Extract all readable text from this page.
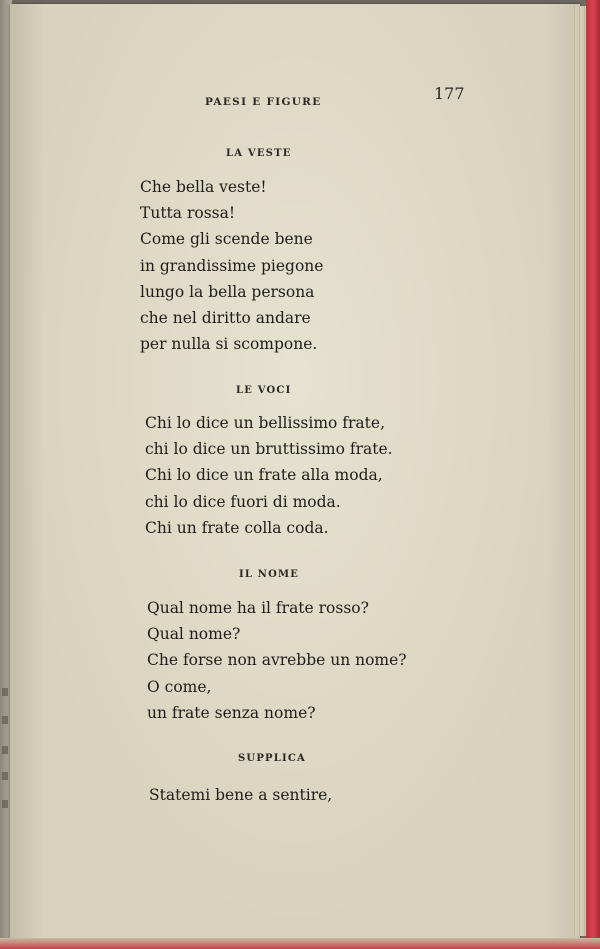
PAESI E FIGURE	177
LA VESTE
Che bella veste!
Tutta rossa!
Come gli scende bene
in grandissime piegone
lungo la bella persona
che nel diritto andare
per nulla si scompone.
LE VOCI
Chi lo dice un bellissimo frate,
chi lo dice un bruttissimo frate.
Chi lo dice un frate alla moda,
chi lo dice fuori di moda.
Chi un frate colla coda.
IL NOME
Qual nome ha il frate rosso?
Qual nome?
Che forse non avrebbe un nome?
O come,
un frate senza nome?
SUPPLICA
Statemi bene a sentire,
